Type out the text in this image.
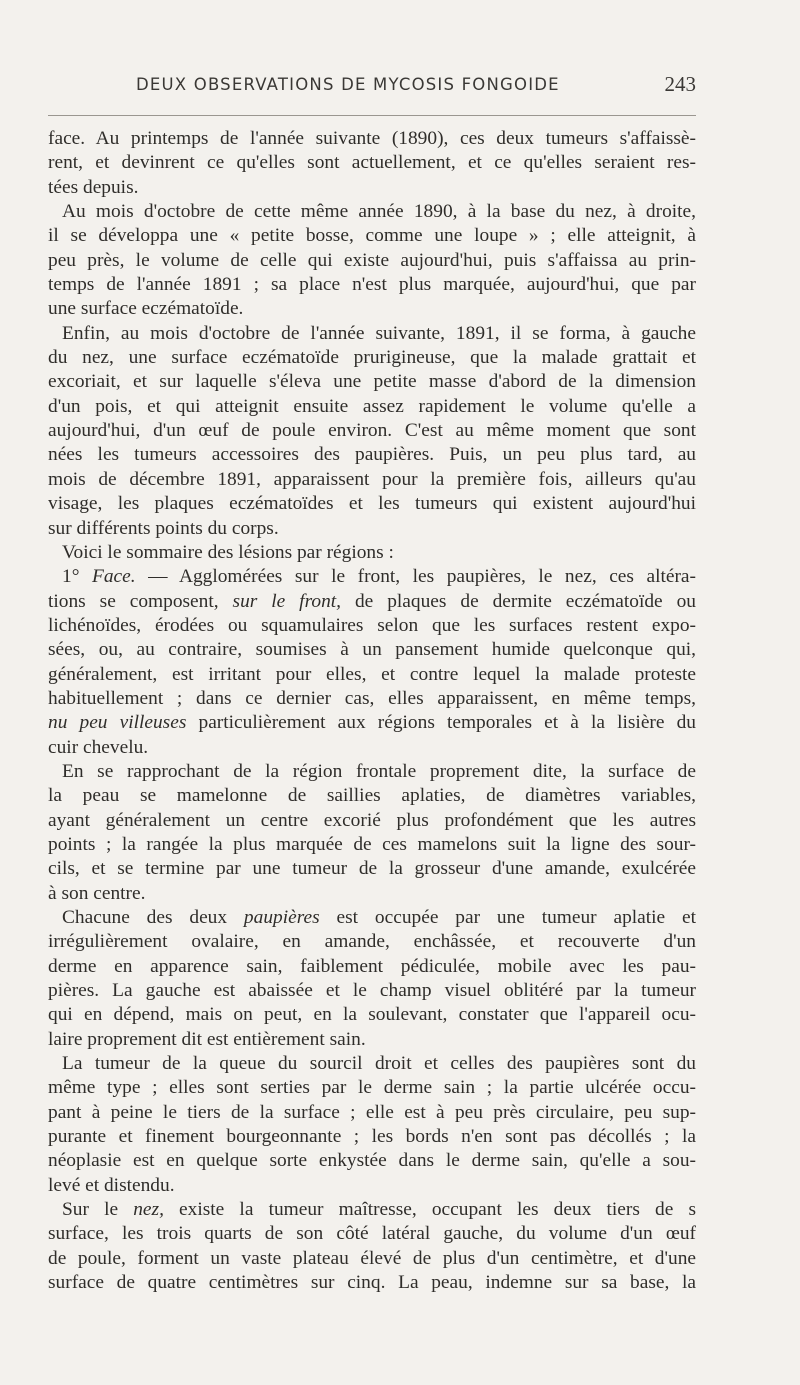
DEUX OBSERVATIONS DE MYCOSIS FONGOIDE	243
face. Au printemps de l'année suivante (1890), ces deux tumeurs s'affaissè-
rent, et devinrent ce qu'elles sont actuellement, et ce qu'elles seraient res-
tées depuis.
Au mois d'octobre de cette même année 1890, à la base du nez, à droite,
il se développa une « petite bosse, comme une loupe » ; elle atteignit, à
peu près, le volume de celle qui existe aujourd'hui, puis s'affaissa au prin-
temps de l'année 1891 ; sa place n'est plus marquée, aujourd'hui, que par
une surface eczématoïde.
Enfin, au mois d'octobre de l'année suivante, 1891, il se forma, à gauche
du nez, une surface eczématoïde prurigineuse, que la malade grattait et
excoriait, et sur laquelle s'éleva une petite masse d'abord de la dimension
d'un pois, et qui atteignit ensuite assez rapidement le volume qu'elle a
aujourd'hui, d'un œuf de poule environ. C'est au même moment que sont
nées les tumeurs accessoires des paupières. Puis, un peu plus tard, au
mois de décembre 1891, apparaissent pour la première fois, ailleurs qu'au
visage, les plaques eczématoïdes et les tumeurs qui existent aujourd'hui
sur différents points du corps.
Voici le sommaire des lésions par régions :
1° Face. — Agglomérées sur le front, les paupières, le nez, ces altéra-
tions se composent, sur le front, de plaques de dermite eczématoïde ou
lichénoïdes, érodées ou squamulaires selon que les surfaces restent expo-
sées, ou, au contraire, soumises à un pansement humide quelconque qui,
généralement, est irritant pour elles, et contre lequel la malade proteste
habituellement ; dans ce dernier cas, elles apparaissent, en même temps,
nu peu villeuses particulièrement aux régions temporales et à la lisière du
cuir chevelu.
En se rapprochant de la région frontale proprement dite, la surface de
la peau se mamelonne de saillies aplaties, de diamètres variables,
ayant généralement un centre excorié plus profondément que les autres
points ; la rangée la plus marquée de ces mamelons suit la ligne des sour-
cils, et se termine par une tumeur de la grosseur d'une amande, exulcérée
à son centre.
Chacune des deux paupières est occupée par une tumeur aplatie et
irrégulièrement ovalaire, en amande, enchâssée, et recouverte d'un
derme en apparence sain, faiblement pédiculée, mobile avec les pau-
pières. La gauche est abaissée et le champ visuel oblitéré par la tumeur
qui en dépend, mais on peut, en la soulevant, constater que l'appareil ocu-
laire proprement dit est entièrement sain.
La tumeur de la queue du sourcil droit et celles des paupières sont du
même type ; elles sont serties par le derme sain ; la partie ulcérée occu-
pant à peine le tiers de la surface ; elle est à peu près circulaire, peu sup-
purante et finement bourgeonnante ; les bords n'en sont pas décollés ; la
néoplasie est en quelque sorte enkystée dans le derme sain, qu'elle a sou-
levé et distendu.
Sur le nez, existe la tumeur maîtresse, occupant les deux tiers de s
surface, les trois quarts de son côté latéral gauche, du volume d'un œuf
de poule, forment un vaste plateau élevé de plus d'un centimètre, et d'une
surface de quatre centimètres sur cinq. La peau, indemne sur sa base, la
